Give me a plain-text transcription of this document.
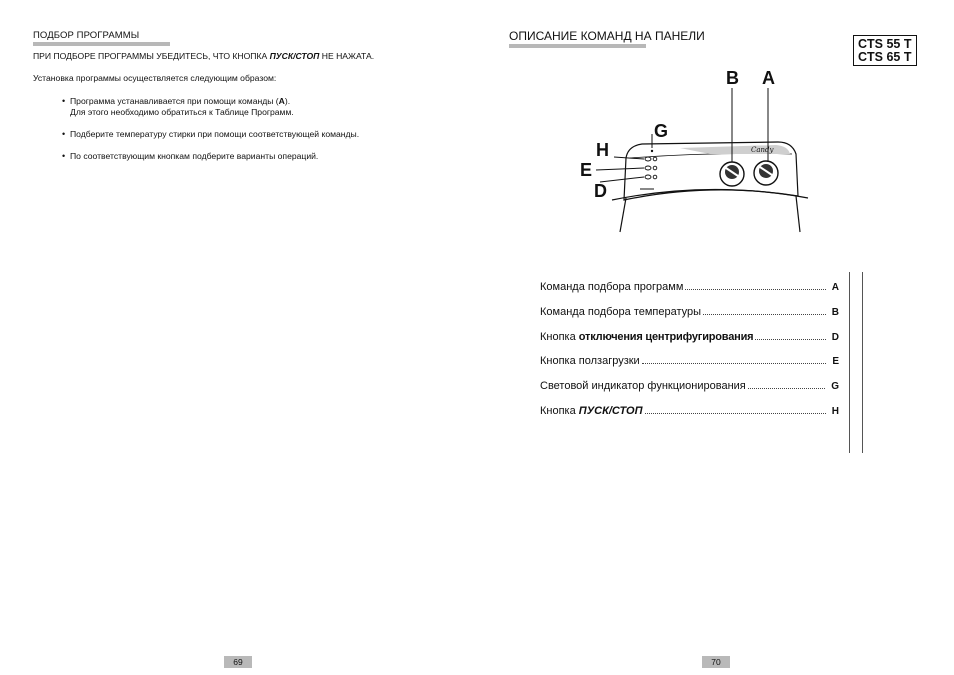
ПОДБОР ПРОГРАММЫ
ПРИ ПОДБОРЕ ПРОГРАММЫ УБЕДИТЕСЬ, ЧТО КНОПКА ПУСК/СТОП НЕ НАЖАТА.
Установка программы осуществляется следующим образом:
• Программа устанавливается при помощи команды (A).
Для этого необходимо обратиться к Таблице Программ.
• Подберите температуру стирки при помощи соответствующей команды.
• По соответствующим кнопкам подберите варианты операций.
69
ОПИСАНИЕ КОМАНД НА ПАНЕЛИ
CTS 55 T
CTS 65 T
Candy
B A
G
H
E
D
Команда подбора программ	A
Команда подбора температуры	B
Кнопка отключения центрифугирования	D
Кнопка ползагрузки	E
Световой индикатор функционирования	G
Кнопка ПУСК/СТОП	H
70
